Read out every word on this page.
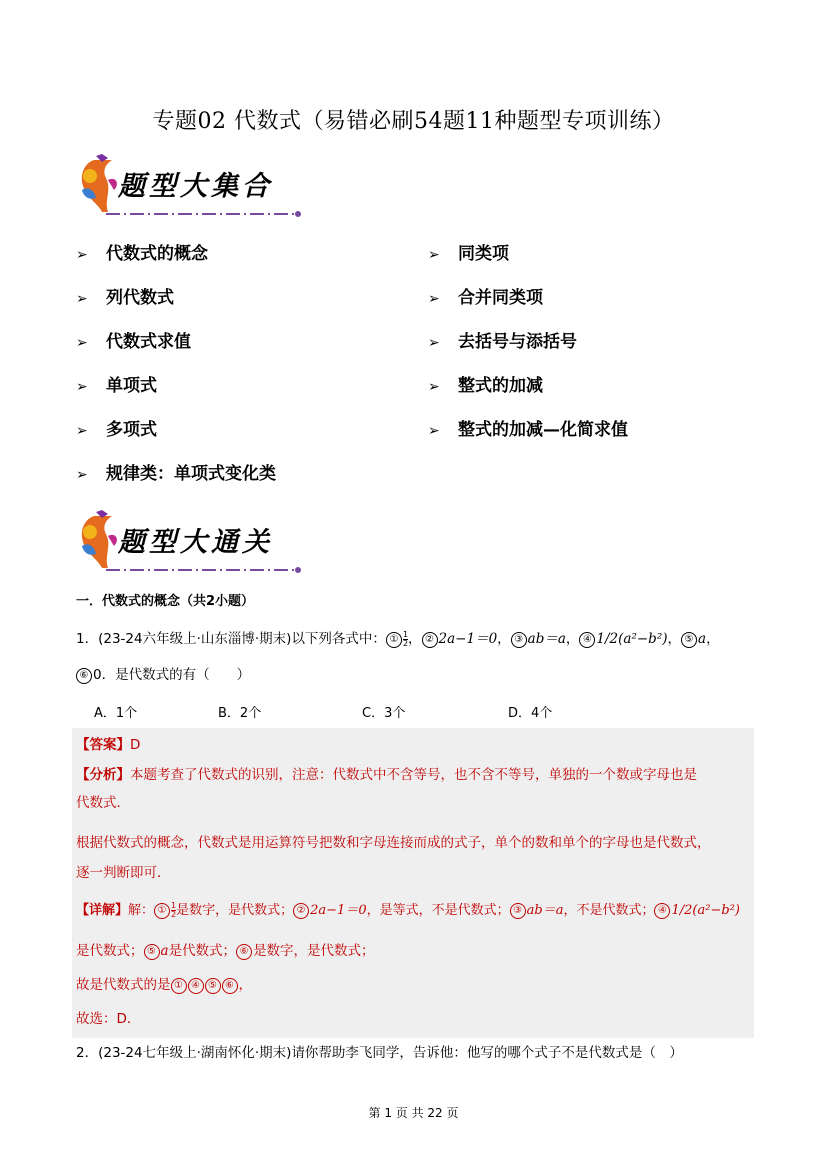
专题02 代数式（易错必刷54题11种题型专项训练）
题型大集合
➢ 代数式的概念
➢ 列代数式
➢ 代数式求值
➢ 单项式
➢ 多项式
➢ 规律类：单项式变化类
➢ 同类项
➢ 合并同类项
➢ 去括号与添括号
➢ 整式的加减
➢ 整式的加减—化简求值
题型大通关
一．代数式的概念（共2小题）
1．(23-24六年级上·山东淄博·期末)以下列各式中： ① $\frac{1}{2}$ ， ② 2a−1＝0， ③ ab＝a， ④ 1/2(a²−b²)， ⑤ a，
⑥ 0．是代数式的有（　　）
A．1个	B．2个	C．3个	D．4个
【答案】D
【分析】本题考查了代数式的识别，注意：代数式中不含等号，也不含不等号，单独的一个数或字母也是
代数式．
根据代数式的概念，代数式是用运算符号把数和字母连接而成的式子，单个的数和单个的字母也是代数式，
逐一判断即可．
【详解】解： ① $\frac{1}{2}$ 是数字，是代数式； ② 2a−1＝0，是等式，不是代数式； ③ ab＝a，不是代数式； ④ 1/2(a²−b²)
是代数式； ⑤ a是代数式； ⑥ 是数字，是代数式；
故是代数式的是 ① ④ ⑤ ⑥ ，
故选：D．
2．(23-24七年级上·湖南怀化·期末)请你帮助李飞同学，告诉他：他写的哪个式子不是代数式是（　）
第 1 页 共 22 页
